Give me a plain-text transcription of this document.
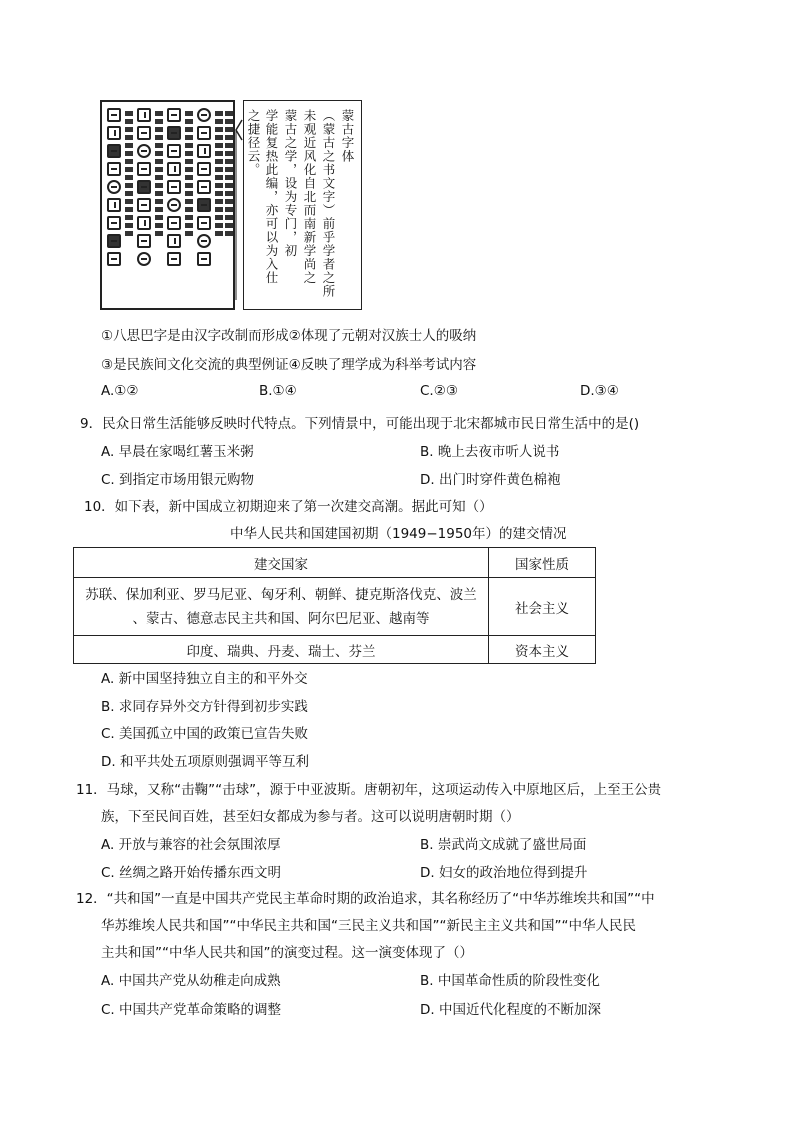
蒙古字体
（蒙古之书文字）前乎学者之所
未观近风化自北而南新学尚之
蒙古之学，设为专门，初
学能复热此编，亦可以为入仕
之捷径云。
①八思巴字是由汉字改制而形成②体现了元朝对汉族士人的吸纳
③是民族间文化交流的典型例证④反映了理学成为科举考试内容
A.①②	B.①④	C.②③	D.③④
9．民众日常生活能够反映时代特点。下列情景中，可能出现于北宋都城市民日常生活中的是()
A. 早晨在家喝红薯玉米粥	B. 晚上去夜市听人说书
C. 到指定市场用银元购物	D. 出门时穿件黄色棉袍
10．如下表，新中国成立初期迎来了第一次建交高潮。据此可知（）
中华人民共和国建国初期（1949−1950年）的建交情况
建交国家	国家性质

苏联、保加利亚、罗马尼亚、匈牙利、朝鲜、捷克斯洛伐克、波兰
、蒙古、德意志民主共和国、阿尔巴尼亚、越南等	社会主义
印度、瑞典、丹麦、瑞士、芬兰	资本主义
A. 新中国坚持独立自主的和平外交
B. 求同存异外交方针得到初步实践
C. 美国孤立中国的政策已宣告失败
D. 和平共处五项原则强调平等互利
11．马球，又称“击鞠”“击球”，源于中亚波斯。唐朝初年，这项运动传入中原地区后，上至王公贵
族，下至民间百姓，甚至妇女都成为参与者。这可以说明唐朝时期（）
A. 开放与兼容的社会氛围浓厚	B. 崇武尚文成就了盛世局面
C. 丝绸之路开始传播东西文明	D. 妇女的政治地位得到提升
12．“共和国”一直是中国共产党民主革命时期的政治追求，其名称经历了“中华苏维埃共和国”“中
华苏维埃人民共和国”“中华民主共和国“三民主义共和国”“新民主主义共和国”“中华人民民
主共和国”“中华人民共和国”的演变过程。这一演变体现了（）
A. 中国共产党从幼稚走向成熟	B. 中国革命性质的阶段性变化
C. 中国共产党革命策略的调整	D. 中国近代化程度的不断加深
